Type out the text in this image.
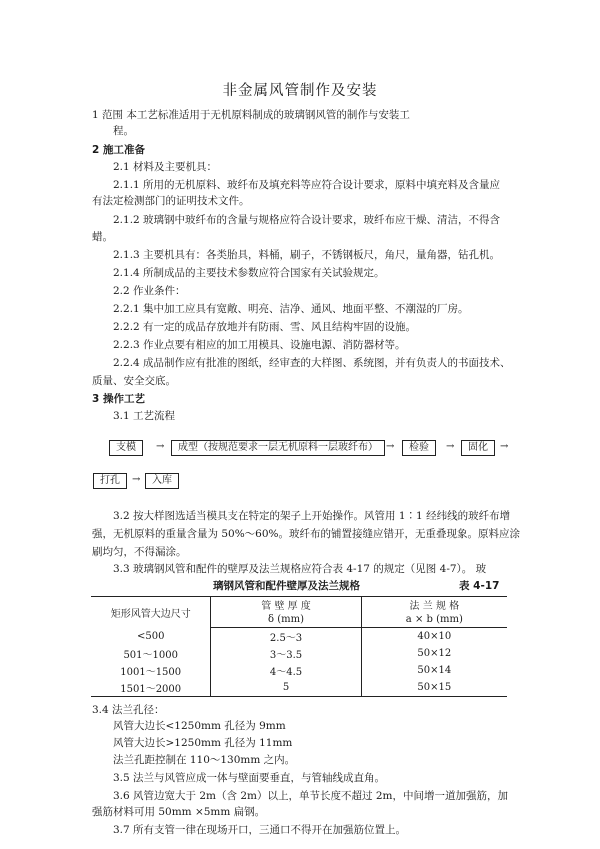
非金属风管制作及安装
1 范围 本工艺标准适用于无机原料制成的玻璃钢风管的制作与安装工
程。
2 施工准备
2.1 材料及主要机具：
2.1.1 所用的无机原料、玻纤布及填充料等应符合设计要求，原料中填充料及含量应
有法定检测部门的证明技术文件。
2.1.2 玻璃钢中玻纤布的含量与规格应符合设计要求，玻纤布应干燥、清洁，不得含
蜡。
2.1.3 主要机具有：各类胎具，料桶，刷子，不锈钢板尺，角尺，量角器，钻孔机。
2.1.4 所制成品的主要技术参数应符合国家有关试验规定。
2.2 作业条件：
2.2.1 集中加工应具有宽敞、明亮、洁净、通风、地面平整、不潮湿的厂房。
2.2.2 有一定的成品存放地并有防雨、雪、风且结构牢固的设施。
2.2.3 作业点要有相应的加工用模具、设施电源、消防器材等。
2.2.4 成品制作应有批准的图纸，经审查的大样图、系统图，并有负责人的书面技术、
质量、安全交底。
3 操作工艺
3.1 工艺流程
支模	→	成型（按规范要求一层无机原料一层玻纤布） →	检验	→	固化	→
打孔	→	入库
3.2 按大样图选适当模具支在特定的架子上开始操作。风管用 1∶1 经纬线的玻纤布增
强，无机原料的重量含量为 50%～60%。玻纤布的铺置接缝应错开，无重叠现象。原料应涂
刷均匀，不得漏涂。
3.3 玻璃钢风管和配件的壁厚及法兰规格应符合表 4-17 的规定（见图 4-7）。 玻
璃钢风管和配件壁厚及法兰规格	表 4-17
矩形风管大边尺寸	管 壁 厚 度	法 兰 规 格
	δ (mm)	a × b (mm)
<500	2.5～3	40×10
501～1000	3～3.5	50×12
1001～1500	4～4.5	50×14
1501～2000	5	50×15
3.4 法兰孔径：
风管大边长<1250mm 孔径为 9mm
风管大边长>1250mm 孔径为 11mm
法兰孔距控制在 110～130mm 之内。
3.5 法兰与风管应成一体与壁面要垂直，与管轴线成直角。
3.6 风管边宽大于 2m（含 2m）以上，单节长度不超过 2m，中间增一道加强筋，加
强筋材料可用 50mm ×5mm 扁钢。
3.7 所有支管一律在现场开口，三通口不得开在加强筋位置上。
